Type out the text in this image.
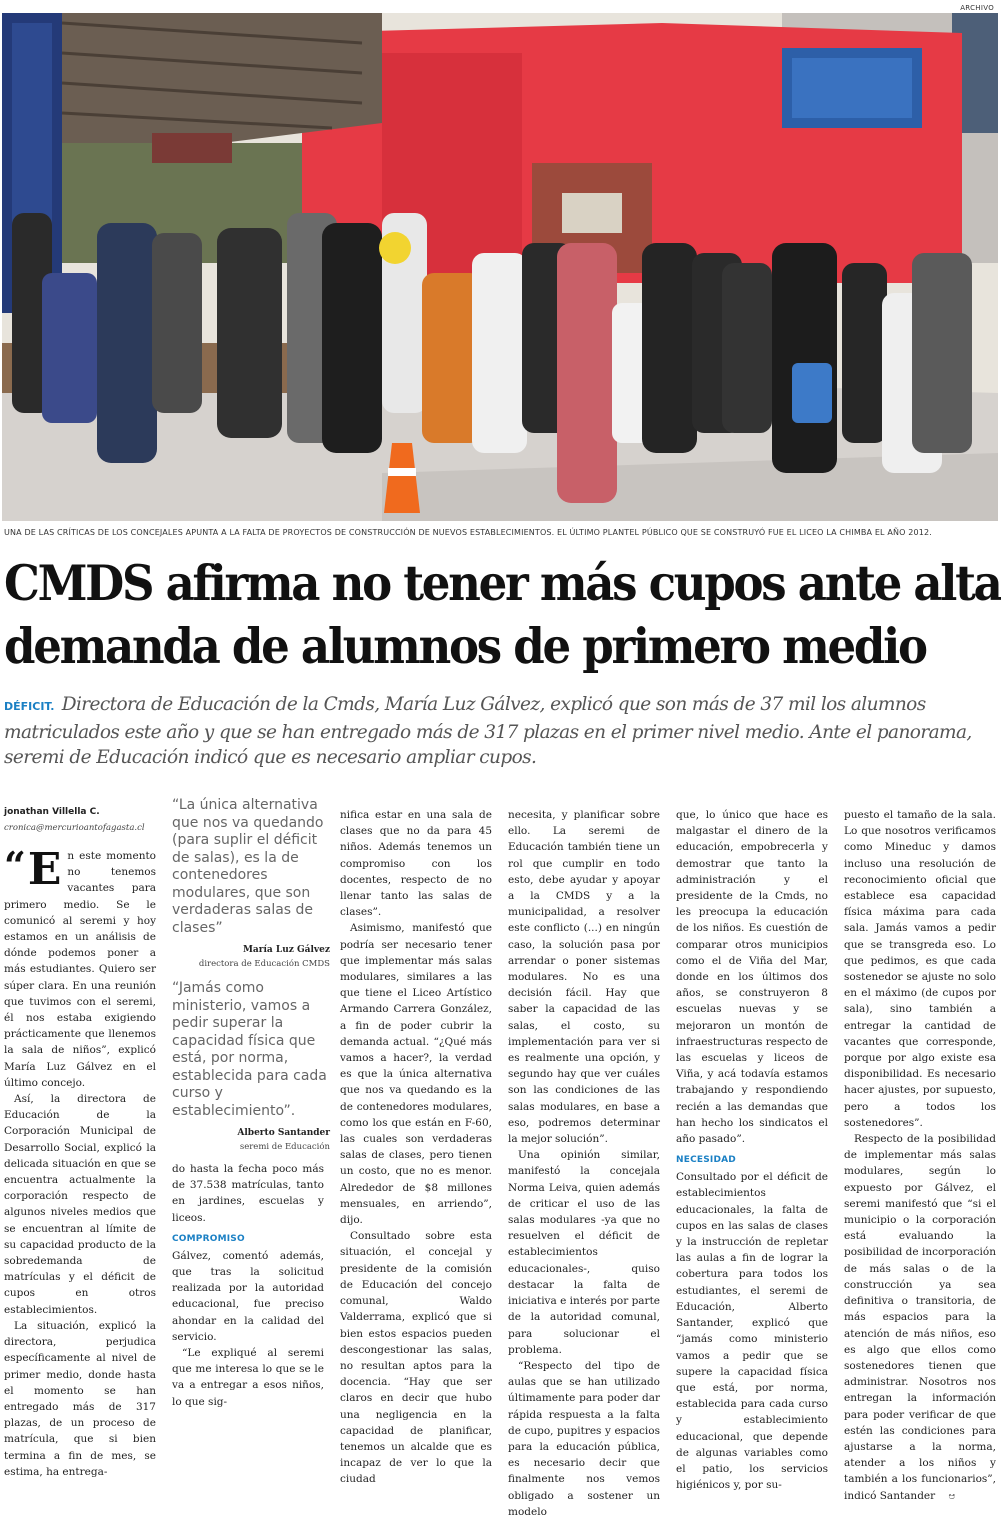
ARCHIVO
UNA DE LAS CRÍTICAS DE LOS CONCEJALES APUNTA A LA FALTA DE PROYECTOS DE CONSTRUCCIÓN DE NUEVOS ESTABLECIMIENTOS. EL ÚLTIMO PLANTEL PÚBLICO QUE SE CONSTRUYÓ FUE EL LICEO LA CHIMBA EL AÑO 2012.
CMDS afirma no tener más cupos ante alta
demanda de alumnos de primero medio
DÉFICIT. Directora de Educación de la Cmds, María Luz Gálvez, explicó que son más de 37 mil los alumnos matriculados este año y que se han entregado más de 317 plazas en el primer nivel medio. Ante el panorama, seremi de Educación indicó que es necesario ampliar cupos.
jonathan Villella C.
cronica@mercurioantofagasta.cl
“ E n este momento no tenemos vacantes para primero medio. Se le comunicó al seremi y hoy estamos en un análisis de dónde podemos poner a más estudiantes. Quiero ser súper clara. En una reunión que tuvimos con el seremi, él nos estaba exigiendo prácticamente que llenemos la sala de niños”, explicó María Luz Gálvez en el último concejo.

Así, la directora de Educación de la Corporación Municipal de Desarrollo Social, explicó la delicada situación en que se encuentra actualmente la corporación respecto de algunos niveles medios que se encuentran al límite de su capacidad producto de la sobredemanda de matrículas y el déficit de cupos en otros establecimientos.

La situación, explicó la directora, perjudica específicamente al nivel de primer medio, donde hasta el momento se han entregado más de 317 plazas, de un proceso de matrícula, que si bien termina a fin de mes, se estima, ha entrega-

“La única alternativa que nos va quedando (para suplir el déficit de salas), es la de contenedores modulares, que son verdaderas salas de clases”
María Luz Gálvez
directora de Educación CMDS
“Jamás como ministerio, vamos a pedir superar la capacidad física que está, por norma, establecida para cada curso y establecimiento”.
Alberto Santander
seremi de Educación

do hasta la fecha poco más de 37.538 matrículas, tanto en jardines, escuelas y liceos.

COMPROMISO

Gálvez, comentó además, que tras la solicitud realizada por la autoridad educacional, fue preciso ahondar en la calidad del servicio.

“Le expliqué al seremi que me interesa lo que se le va a entregar a esos niños, lo que sig-

nifica estar en una sala de clases que no da para 45 niños. Además tenemos un compromiso con los docentes, respecto de no llenar tanto las salas de clases”.

Asimismo, manifestó que podría ser necesario tener que implementar más salas modulares, similares a las que tiene el Liceo Artístico Armando Carrera González, a fin de poder cubrir la demanda actual. “¿Qué más vamos a hacer?, la verdad es que la única alternativa que nos va quedando es la de contenedores modulares, como los que están en F-60, las cuales son verdaderas salas de clases, pero tienen un costo, que no es menor. Alrededor de $8 millones mensuales, en arriendo”, dijo.

Consultado sobre esta situación, el concejal y presidente de la comisión de Educación del concejo comunal, Waldo Valderrama, explicó que si bien estos espacios pueden descongestionar las salas, no resultan aptos para la docencia. “Hay que ser claros en decir que hubo una negligencia en la capacidad de planificar, tenemos un alcalde que es incapaz de ver lo que la ciudad

necesita, y planificar sobre ello. La seremi de Educación también tiene un rol que cumplir en todo esto, debe ayudar y apoyar a la CMDS y a la municipalidad, a resolver este conflicto (...) en ningún caso, la solución pasa por arrendar o poner sistemas modulares. No es una decisión fácil. Hay que saber la capacidad de las salas, el costo, su implementación para ver si es realmente una opción, y segundo hay que ver cuáles son las condiciones de las salas modulares, en base a eso, podremos determinar la mejor solución”.

Una opinión similar, manifestó la concejala Norma Leiva, quien además de criticar el uso de las salas modulares -ya que no resuelven el déficit de establecimientos educacionales-, quiso destacar la falta de iniciativa e interés por parte de la autoridad comunal, para solucionar el problema.

“Respecto del tipo de aulas que se han utilizado últimamente para poder dar rápida respuesta a la falta de cupo, pupitres y espacios para la educación pública, es necesario decir que finalmente nos vemos obligado a sostener un modelo

que, lo único que hace es malgastar el dinero de la educación, empobrecerla y demostrar que tanto la administración y el presidente de la Cmds, no les preocupa la educación de los niños. Es cuestión de comparar otros municipios como el de Viña del Mar, donde en los últimos dos años, se construyeron 8 escuelas nuevas y se mejoraron un montón de infraestructuras respecto de las escuelas y liceos de Viña, y acá todavía estamos trabajando y respondiendo recién a las demandas que han hecho los sindicatos el año pasado”.

NECESIDAD

Consultado por el déficit de establecimientos educacionales, la falta de cupos en las salas de clases y la instrucción de repletar las aulas a fin de lograr la cobertura para todos los estudiantes, el seremi de Educación, Alberto Santander, explicó que “jamás como ministerio vamos a pedir que se supere la capacidad física que está, por norma, establecida para cada curso y establecimiento educacional, que depende de algunas variables como el patio, los servicios higiénicos y, por su-

puesto el tamaño de la sala. Lo que nosotros verificamos como Mineduc y damos incluso una resolución de reconocimiento oficial que establece esa capacidad física máxima para cada sala. Jamás vamos a pedir que se transgreda eso. Lo que pedimos, es que cada sostenedor se ajuste no solo en el máximo (de cupos por sala), sino también a entregar la cantidad de vacantes que corresponde, porque por algo existe esa disponibilidad. Es necesario hacer ajustes, por supuesto, pero a todos los sostenedores”.

Respecto de la posibilidad de implementar más salas modulares, según lo expuesto por Gálvez, el seremi manifestó que “si el municipio o la corporación está evaluando la posibilidad de incorporación de más salas o de la construcción ya sea definitiva o transitoria, de más espacios para la atención de más niños, eso es algo que ellos como sostenedores tienen que administrar. Nosotros nos entregan la información para poder verificar de que estén las condiciones para ajustarse a la norma, atender a los niños y también a los funcionarios”, indicó Santander ಆ
